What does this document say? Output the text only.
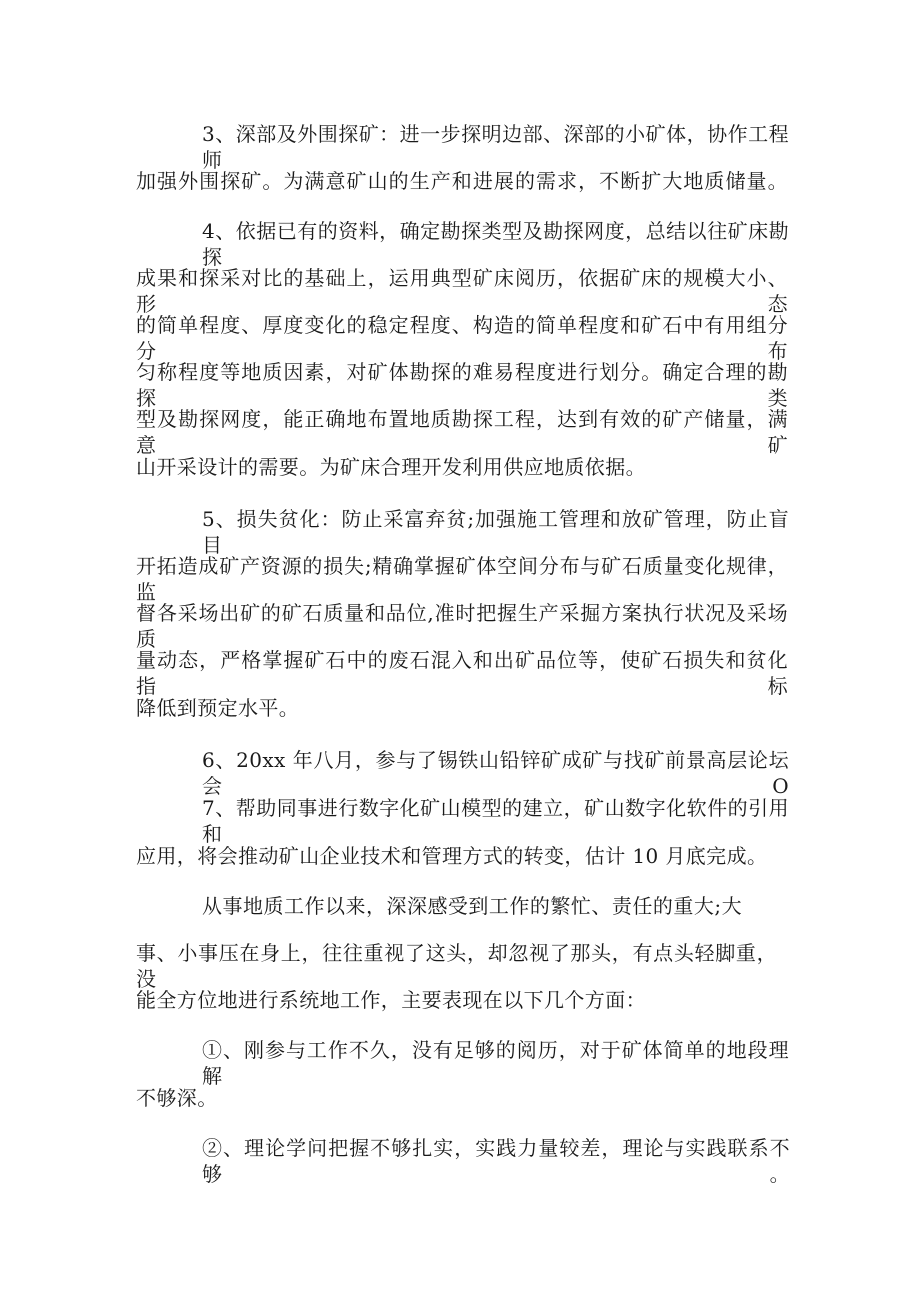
3、深部及外围探矿：进一步探明边部、深部的小矿体，协作工程师
加强外围探矿。为满意矿山的生产和进展的需求，不断扩大地质储量。
4、依据已有的资料，确定勘探类型及勘探网度，总结以往矿床勘探
成果和探采对比的基础上，运用典型矿床阅历，依据矿床的规模大小、形态
的简单程度、厚度变化的稳定程度、构造的简单程度和矿石中有用组分分布
匀称程度等地质因素，对矿体勘探的难易程度进行划分。确定合理的勘探类
型及勘探网度，能正确地布置地质勘探工程，达到有效的矿产储量，满意矿
山开采设计的需要。为矿床合理开发利用供应地质依据。
5、损失贫化：防止采富弃贫;加强施工管理和放矿管理，防止盲目
开拓造成矿产资源的损失;精确掌握矿体空间分布与矿石质量变化规律，监
督各采场出矿的矿石质量和品位,准时把握生产采掘方案执行状况及采场质
量动态，严格掌握矿石中的废石混入和出矿品位等，使矿石损失和贫化指标
降低到预定水平。
6、20xx 年八月，参与了锡铁山铅锌矿成矿与找矿前景高层论坛会 O
7、帮助同事进行数字化矿山模型的建立，矿山数字化软件的引用和
应用，将会推动矿山企业技术和管理方式的转变，估计 10 月底完成。
从事地质工作以来，深深感受到工作的繁忙、责任的重大;大
事、小事压在身上，往往重视了这头，却忽视了那头，有点头轻脚重，没
能全方位地进行系统地工作，主要表现在以下几个方面：
①、刚参与工作不久，没有足够的阅历，对于矿体简单的地段理解
不够深。
②、理论学问把握不够扎实，实践力量较差，理论与实践联系不够。
